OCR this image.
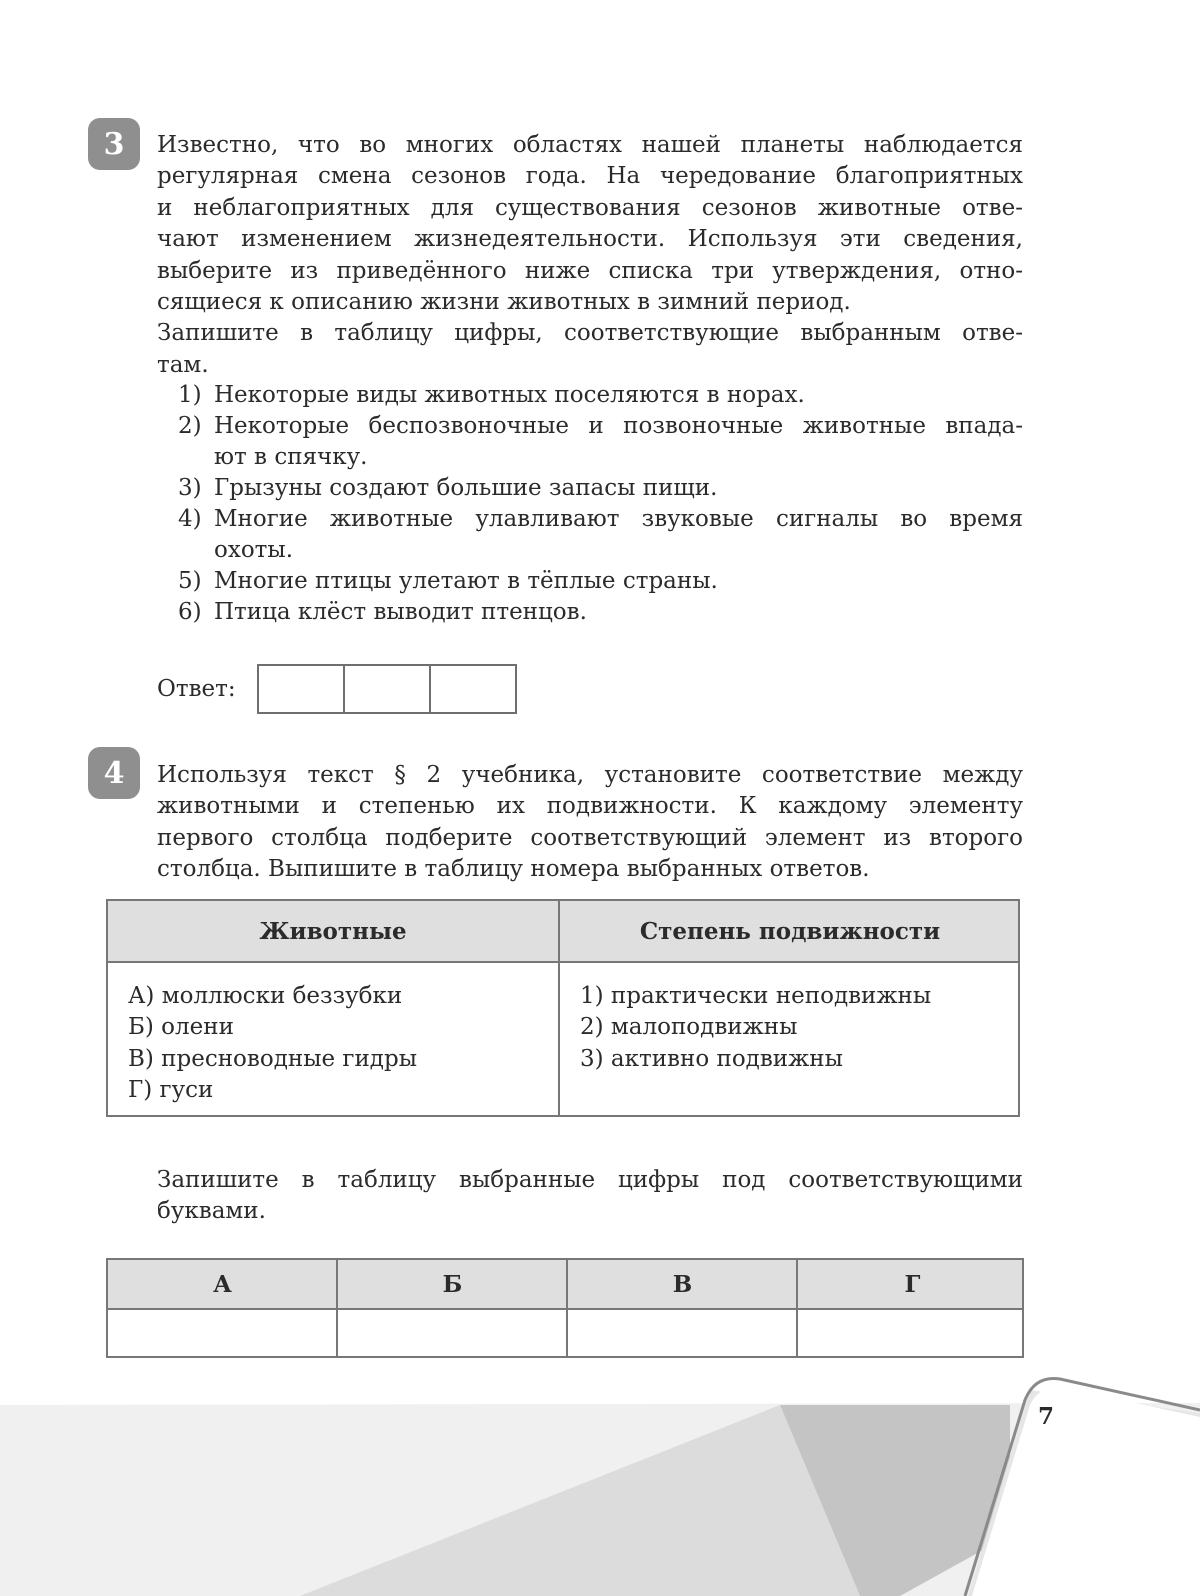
3	Известно, что во многих областях нашей планеты наблюдается
регулярная смена сезонов года. На чередование благоприятных
и неблагоприятных для существования сезонов животные отве-
чают изменением жизнедеятельности. Используя эти сведения,
выберите из приведённого ниже списка три утверждения, отно-
сящиеся к описанию жизни животных в зимний период.
Запишите в таблицу цифры, соответствующие выбранным отве-
там.

1) Некоторые виды животных поселяются в норах.
2) Некоторые беспозвоночные и позвоночные животные впада-
ют в спячку.
3) Грызуны создают большие запасы пищи.
4) Многие животные улавливают звуковые сигналы во время
охоты.
5) Многие птицы улетают в тёплые страны.
6) Птица клёст выводит птенцов.
Ответ:
4	Используя текст § 2 учебника, установите соответствие между
животными и степенью их подвижности. К каждому элементу
первого столбца подберите соответствующий элемент из второго
столбца. Выпишите в таблицу номера выбранных ответов.

Животные	Степень подвижности
А) моллюски беззубки
Б) олени
В) пресноводные гидры
Г) гуси
1) практически неподвижны
2) малоподвижны
3) активно подвижны

Запишите в таблицу выбранные цифры под соответствующими
буквами.

А	Б	В	Г
7
